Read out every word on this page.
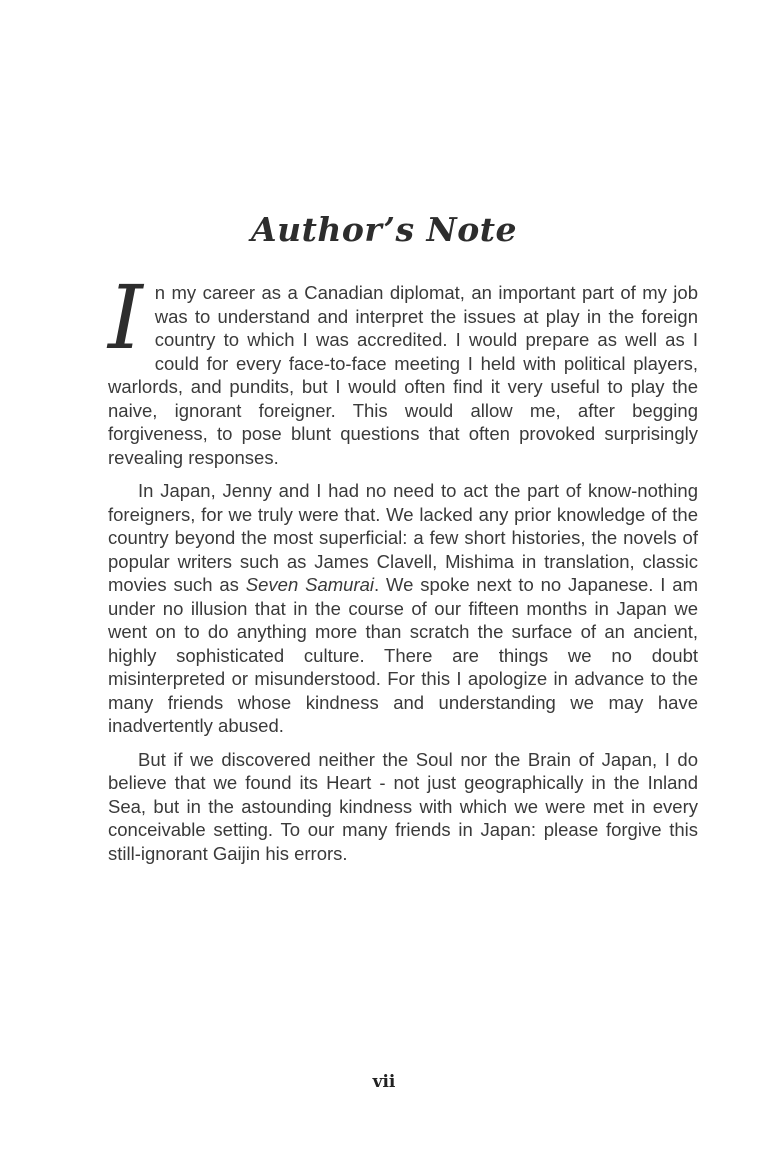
Author’s Note

In my career as a Canadian diplomat, an important part of my job was to understand and interpret the issues at play in the foreign country to which I was accredited. I would prepare as well as I could for every face-to-face meeting I held with political players, warlords, and pundits, but I would often find it very useful to play the naive, ignorant foreigner. This would allow me, after begging forgiveness, to pose blunt questions that often provoked surprisingly revealing responses.

In Japan, Jenny and I had no need to act the part of know-nothing foreigners, for we truly were that. We lacked any prior knowledge of the country beyond the most superficial: a few short histories, the novels of popular writers such as James Clavell, Mishima in translation, classic movies such as Seven Samurai. We spoke next to no Japanese. I am under no illusion that in the course of our fifteen months in Japan we went on to do anything more than scratch the surface of an ancient, highly sophisticated culture. There are things we no doubt misinterpreted or misunderstood. For this I apologize in advance to the many friends whose kindness and understanding we may have inadvertently abused.

But if we discovered neither the Soul nor the Brain of Japan, I do believe that we found its Heart - not just geographically in the Inland Sea, but in the astounding kindness with which we were met in every conceivable setting. To our many friends in Japan: please forgive this still-ignorant Gaijin his errors.

vii
